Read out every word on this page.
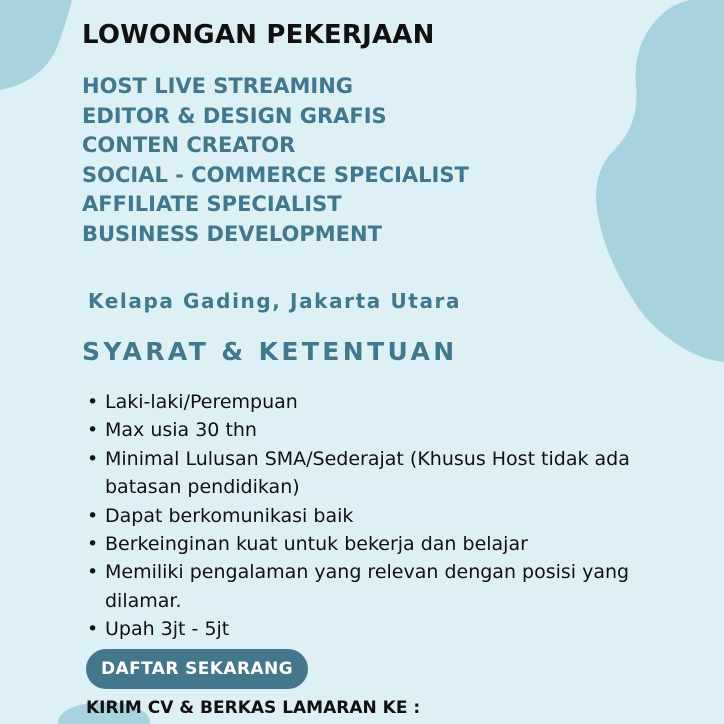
LOWONGAN PEKERJAAN
HOST LIVE STREAMING
EDITOR & DESIGN GRAFIS
CONTEN CREATOR
SOCIAL - COMMERCE SPECIALIST
AFFILIATE SPECIALIST
BUSINESS DEVELOPMENT

Kelapa Gading, Jakarta Utara

SYARAT & KETENTUAN
• Laki-laki/Perempuan
• Max usia 30 thn
• Minimal Lulusan SMA/Sederajat (Khusus Host tidak ada batasan pendidikan)
• Dapat berkomunikasi baik
• Berkeinginan kuat untuk bekerja dan belajar
• Memiliki pengalaman yang relevan dengan posisi yang dilamar.
• Upah 3jt - 5jt
DAFTAR SEKARANG

KIRIM CV & BERKAS LAMARAN KE :
